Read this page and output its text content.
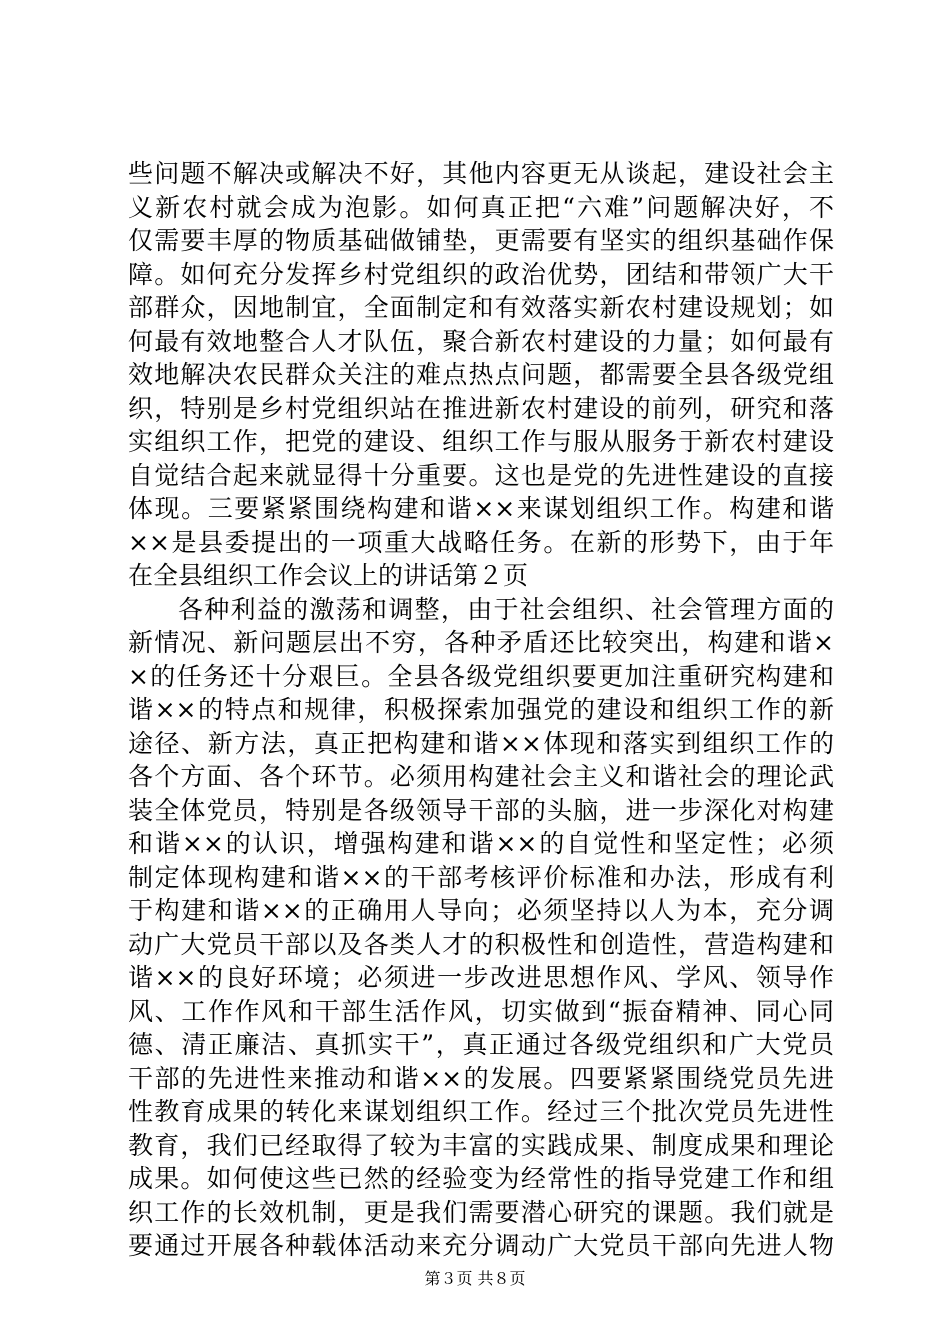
些问题不解决或解决不好，其他内容更无从谈起，建设社会主
义新农村就会成为泡影。如何真正把“六难”问题解决好，不
仅需要丰厚的物质基础做铺垫，更需要有坚实的组织基础作保
障。如何充分发挥乡村党组织的政治优势，团结和带领广大干
部群众，因地制宜，全面制定和有效落实新农村建设规划；如
何最有效地整合人才队伍，聚合新农村建设的力量；如何最有
效地解决农民群众关注的难点热点问题，都需要全县各级党组
织，特别是乡村党组织站在推进新农村建设的前列，研究和落
实组织工作，把党的建设、组织工作与服从服务于新农村建设
自觉结合起来就显得十分重要。这也是党的先进性建设的直接
体现。三要紧紧围绕构建和谐××来谋划组织工作。构建和谐
××是县委提出的一项重大战略任务。在新的形势下，由于年
在全县组织工作会议上的讲话第２页
各种利益的激荡和调整，由于社会组织、社会管理方面的
新情况、新问题层出不穷，各种矛盾还比较突出，构建和谐×
×的任务还十分艰巨。全县各级党组织要更加注重研究构建和
谐××的特点和规律，积极探索加强党的建设和组织工作的新
途径、新方法，真正把构建和谐××体现和落实到组织工作的
各个方面、各个环节。必须用构建社会主义和谐社会的理论武
装全体党员，特别是各级领导干部的头脑，进一步深化对构建
和谐××的认识，增强构建和谐××的自觉性和坚定性；必须
制定体现构建和谐××的干部考核评价标准和办法，形成有利
于构建和谐××的正确用人导向；必须坚持以人为本，充分调
动广大党员干部以及各类人才的积极性和创造性，营造构建和
谐××的良好环境；必须进一步改进思想作风、学风、领导作
风、工作作风和干部生活作风，切实做到“振奋精神、同心同
德、清正廉洁、真抓实干”，真正通过各级党组织和广大党员
干部的先进性来推动和谐××的发展。四要紧紧围绕党员先进
性教育成果的转化来谋划组织工作。经过三个批次党员先进性
教育，我们已经取得了较为丰富的实践成果、制度成果和理论
成果。如何使这些已然的经验变为经常性的指导党建工作和组
织工作的长效机制，更是我们需要潜心研究的课题。我们就是
要通过开展各种载体活动来充分调动广大党员干部向先进人物
第３页 共８页
